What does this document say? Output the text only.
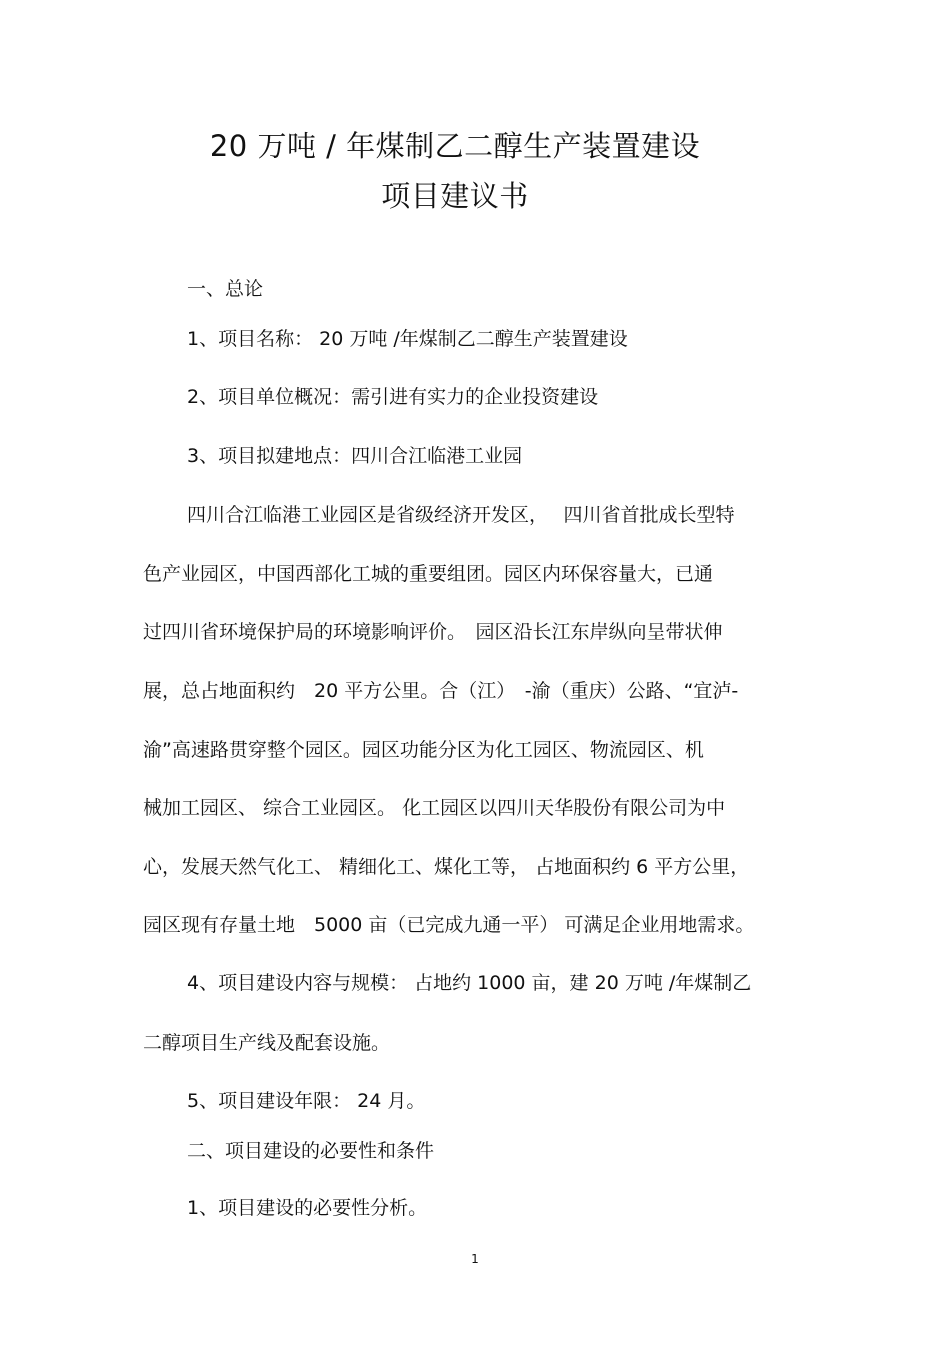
20 万吨 / 年煤制乙二醇生产装置建设
项目建议书

一、总论

1、项目名称： 20 万吨 /年煤制乙二醇生产装置建设

2、项目单位概况：需引进有实力的企业投资建设

3、项目拟建地点：四川合江临港工业园

四川合江临港工业园区是省级经济开发区，　 四川省首批成长型特

色产业园区，中国西部化工城的重要组团。园区内环保容量大，已通

过四川省环境保护局的环境影响评价。　园区沿长江东岸纵向呈带状伸

展，总占地面积约　20 平方公里。合（江）　-渝（重庆）公路、“宜泸-

渝”高速路贯穿整个园区。园区功能分区为化工园区、物流园区、机

械加工园区、 综合工业园区。 化工园区以四川天华股份有限公司为中

心，发展天然气化工、 精细化工、煤化工等， 占地面积约 6 平方公里，

园区现有存量土地　5000 亩（已完成九通一平） 可满足企业用地需求。

4、项目建设内容与规模： 占地约 1000 亩，建 20 万吨 /年煤制乙

二醇项目生产线及配套设施。

5、项目建设年限： 24 月。

二、项目建设的必要性和条件

1、项目建设的必要性分析。

1
